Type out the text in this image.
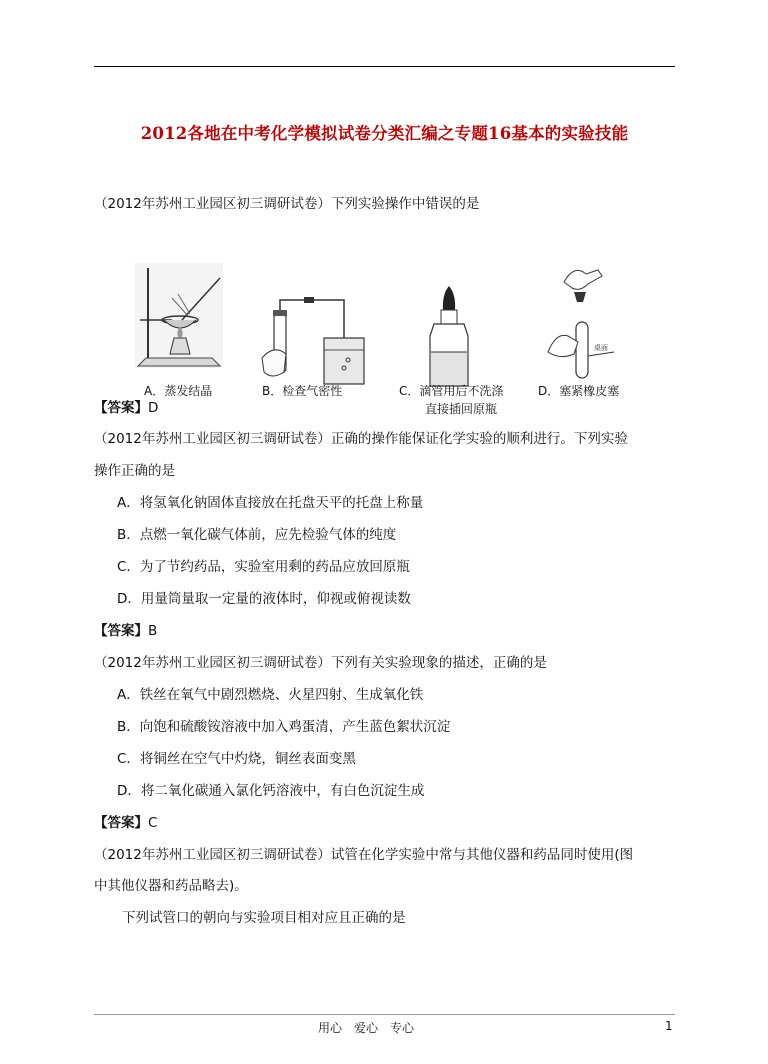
2012各地在中考化学模拟试卷分类汇编之专题16基本的实验技能
（2012年苏州工业园区初三调研试卷）下列实验操作中错误的是
桌面
A．蒸发结晶	B．检查气密性	C．滴管用后不洗涤
直接插回原瓶
D．塞紧橡皮塞
【答案】D
（2012年苏州工业园区初三调研试卷）正确的操作能保证化学实验的顺利进行。下列实验
操作正确的是
A．将氢氧化钠固体直接放在托盘天平的托盘上称量
B．点燃一氧化碳气体前，应先检验气体的纯度
C．为了节约药品，实验室用剩的药品应放回原瓶
D．用量筒量取一定量的液体时，仰视或俯视读数
【答案】B
（2012年苏州工业园区初三调研试卷）下列有关实验现象的描述，正确的是
A．铁丝在氧气中剧烈燃烧、火星四射、生成氧化铁
B．向饱和硫酸铵溶液中加入鸡蛋清，产生蓝色絮状沉淀
C．将铜丝在空气中灼烧，铜丝表面变黑
D．将二氧化碳通入氯化钙溶液中，有白色沉淀生成
【答案】C
（2012年苏州工业园区初三调研试卷）试管在化学实验中常与其他仪器和药品同时使用(图
中其他仪器和药品略去)。
下列试管口的朝向与实验项目相对应且正确的是
用心　爱心　专心	1
